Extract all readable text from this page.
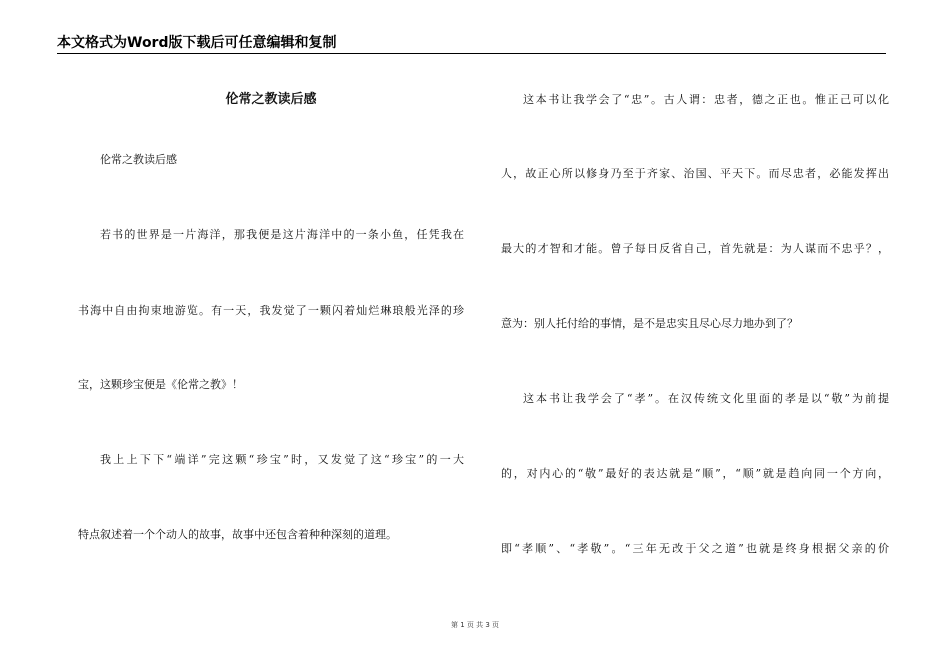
本文格式为Word版下载后可任意编辑和复制
伦常之教读后感
伦常之教读后感
若书的世界是一片海洋，那我便是这片海洋中的一条小鱼，任凭我在
书海中自由拘束地游览。有一天，我发觉了一颗闪着灿烂琳琅般光泽的珍
宝，这颗珍宝便是《伦常之教》！
我上上下下“端详”完这颗“珍宝”时，又发觉了这“珍宝”的一大
特点叙述着一个个动人的故事，故事中还包含着种种深刻的道理。
这本书让我学会了“忠”。古人谓：忠者，德之正也。惟正己可以化
人，故正心所以修身乃至于齐家、治国、平天下。而尽忠者，必能发挥出
最大的才智和才能。曾子每日反省自己，首先就是：为人谋而不忠乎？，
意为：别人托付给的事情，是不是忠实且尽心尽力地办到了？
这本书让我学会了“孝”。在汉传统文化里面的孝是以“敬”为前提
的，对内心的“敬”最好的表达就是“顺”，“顺”就是趋向同一个方向，
即“孝顺”、“孝敬”。“三年无改于父之道”也就是终身根据父亲的价
第 1 页 共 3 页
